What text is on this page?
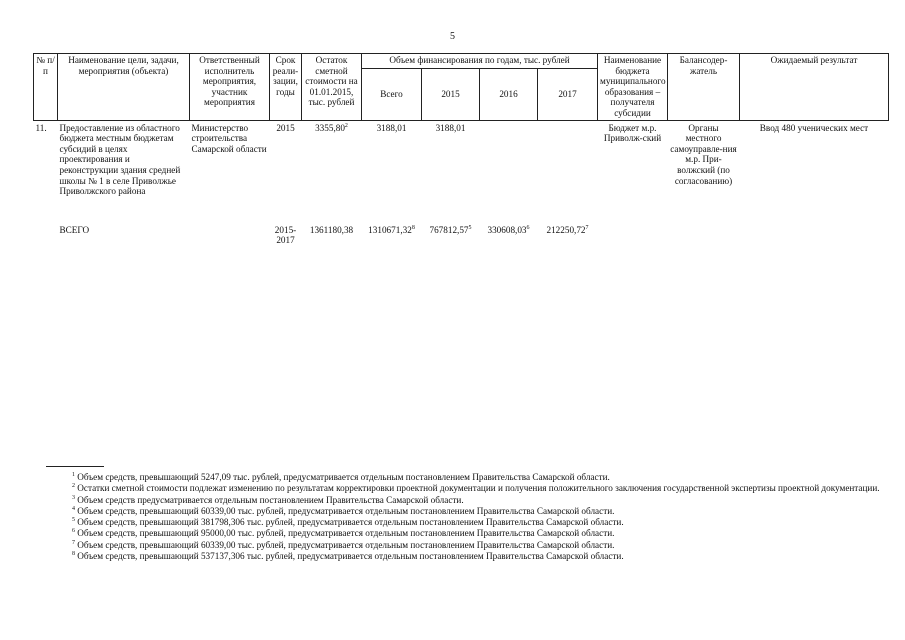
5
№ п/п	Наименование цели, задачи, мероприятия (объекта)	Ответственный исполнитель мероприятия, участник мероприятия	Срок реали-зации, годы	Остаток сметной стоимости на 01.01.2015, тыс. рублей	Объем финансирования по годам, тыс. рублей				Наименование бюджета муниципального образования – получателя субсидии	Балансодер-жатель	Ожидаемый результат
					Всего	2015	2016	2017			
11.	Предоставление из областного бюджета местным бюджетам субсидий в целях проектирования и реконструкции здания средней школы № 1 в селе Приволжье Приволжского района	Министерство строительства Самарской области	2015	3355,80$^2$	3188,01	3188,01			Бюджет м.р. Приволж-ский	Органы местного самоуправле-ния м.р. При-волжский (по согласованию)	Ввод 480 ученических мест

	ВСЕГО		2015-2017	1361180,38	1310671,32$^8$	767812,57$^5$	330608,03$^6$	212250,72$^7$			

$^1$ Объем средств, превышающий 5247,09 тыс. рублей, предусматривается отдельным постановлением Правительства Самарской области.

$^2$ Остатки сметной стоимости подлежат изменению по результатам корректировки проектной документации и получения положительного заключения государственной экспертизы проектной документации.

$^3$ Объем средств предусматривается отдельным постановлением Правительства Самарской области.

$^4$ Объем средств, превышающий 60339,00 тыс. рублей, предусматривается отдельным постановлением Правительства Самарской области.

$^5$ Объем средств, превышающий 381798,306 тыс. рублей, предусматривается отдельным постановлением Правительства Самарской области.

$^6$ Объем средств, превышающий 95000,00 тыс. рублей, предусматривается отдельным постановлением Правительства Самарской области.

$^7$ Объем средств, превышающий 60339,00 тыс. рублей, предусматривается отдельным постановлением Правительства Самарской области.

$^8$ Объем средств, превышающий 537137,306 тыс. рублей, предусматривается отдельным постановлением Правительства Самарской области.
